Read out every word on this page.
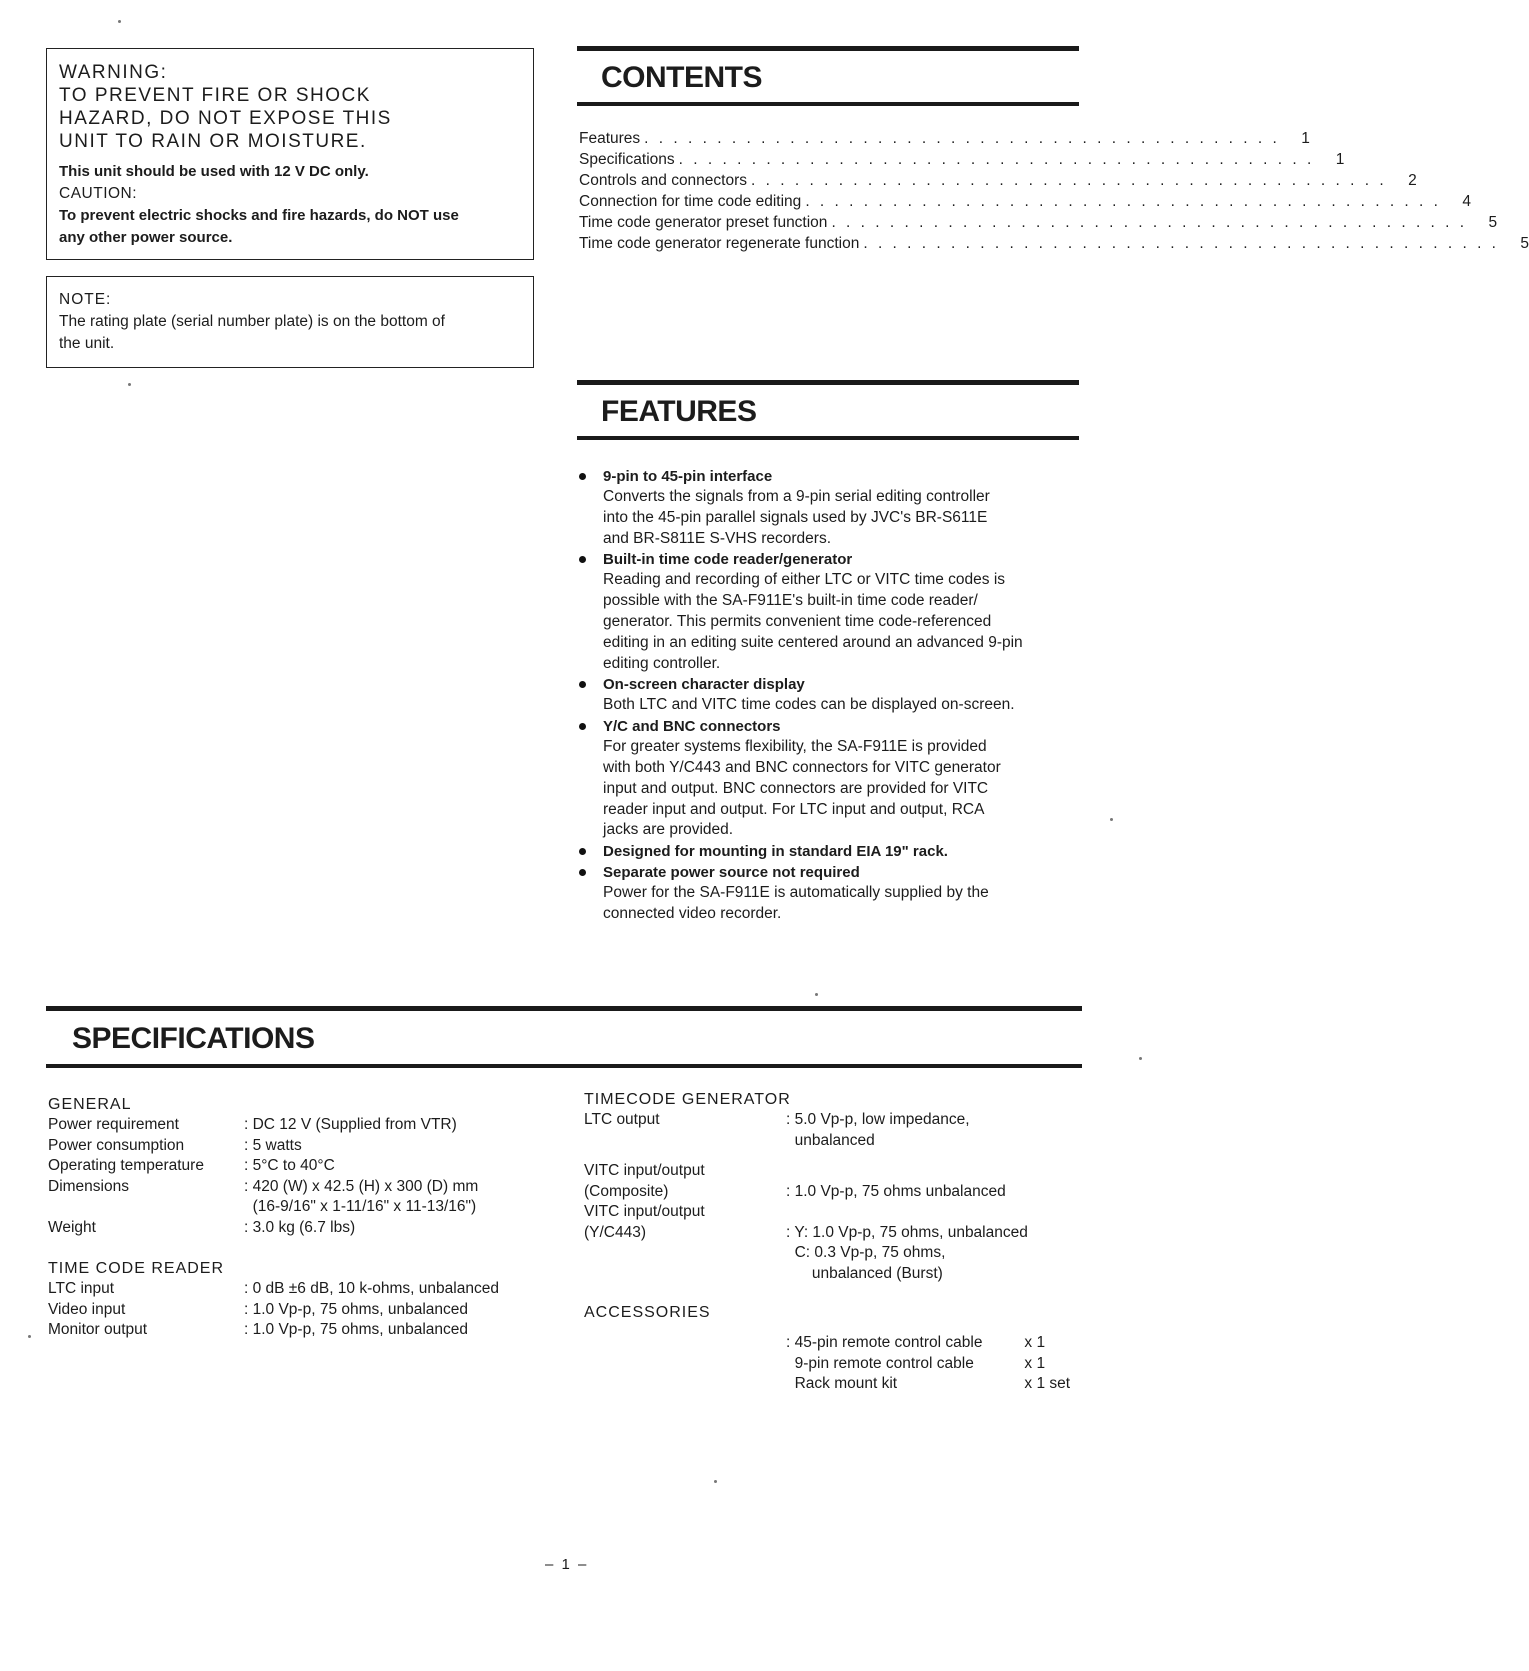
WARNING:

TO PREVENT FIRE OR SHOCK

HAZARD, DO NOT EXPOSE THIS

UNIT TO RAIN OR MOISTURE.

This unit should be used with 12 V DC only.

CAUTION:

To prevent electric shocks and fire hazards, do NOT use

any other power source.

NOTE:

The rating plate (serial number plate) is on the bottom of

the unit.

CONTENTS
Features . . . . . . . . . . . . . . . . . . . . . . . . . . . . . . . . . . . . . . . . . . . .	1
Specifications . . . . . . . . . . . . . . . . . . . . . . . . . . . . . . . . . . . . . . . . . . . .	1
Controls and connectors . . . . . . . . . . . . . . . . . . . . . . . . . . . . . . . . . . . . . . . . . . . .	2
Connection for time code editing . . . . . . . . . . . . . . . . . . . . . . . . . . . . . . . . . . . . . . . . . . . .	4
Time code generator preset function . . . . . . . . . . . . . . . . . . . . . . . . . . . . . . . . . . . . . . . . . . . .	5
Time code generator regenerate function . . . . . . . . . . . . . . . . . . . . . . . . . . . . . . . . . . . . . . . . . . . .	5
FEATURES
9-pin to 45-pin interface
Converts the signals from a 9-pin serial editing controller
into the 45-pin parallel signals used by JVC's BR-S611E
and BR-S811E S-VHS recorders.
Built-in time code reader/generator
Reading and recording of either LTC or VITC time codes is
possible with the SA-F911E's built-in time code reader/
generator. This permits convenient time code-referenced
editing in an editing suite centered around an advanced 9-pin
editing controller.
On-screen character display
Both LTC and VITC time codes can be displayed on-screen.
Y/C and BNC connectors
For greater systems flexibility, the SA-F911E is provided
with both Y/C443 and BNC connectors for VITC generator
input and output. BNC connectors are provided for VITC
reader input and output. For LTC input and output, RCA
jacks are provided.
Designed for mounting in standard EIA 19" rack.
Separate power source not required
Power for the SA-F911E is automatically supplied by the
connected video recorder.
SPECIFICATIONS
GENERAL
Power requirement	: DC 12 V (Supplied from VTR)
Power consumption	: 5 watts
Operating temperature	: 5°C to 40°C
Dimensions	: 420 (W) x 42.5 (H) x 300 (D) mm
(16-9/16" x 1-11/16" x 11-13/16")
Weight	: 3.0 kg (6.7 lbs)
TIME CODE READER
LTC input	: 0 dB ±6 dB, 10 k-ohms, unbalanced
Video input	: 1.0 Vp-p, 75 ohms, unbalanced
Monitor output	: 1.0 Vp-p, 75 ohms, unbalanced
TIMECODE GENERATOR
LTC output	: 5.0 Vp-p, low impedance,
unbalanced
VITC input/output
(Composite)	: 1.0 Vp-p, 75 ohms unbalanced
VITC input/output
(Y/C443)	: Y: 1.0 Vp-p, 75 ohms, unbalanced
C: 0.3 Vp-p, 75 ohms,
unbalanced (Burst)
ACCESSORIES
: 45-pin remote control cable	x 1
9-pin remote control cable	x 1
Rack mount kit	x 1 set
– 1 –
